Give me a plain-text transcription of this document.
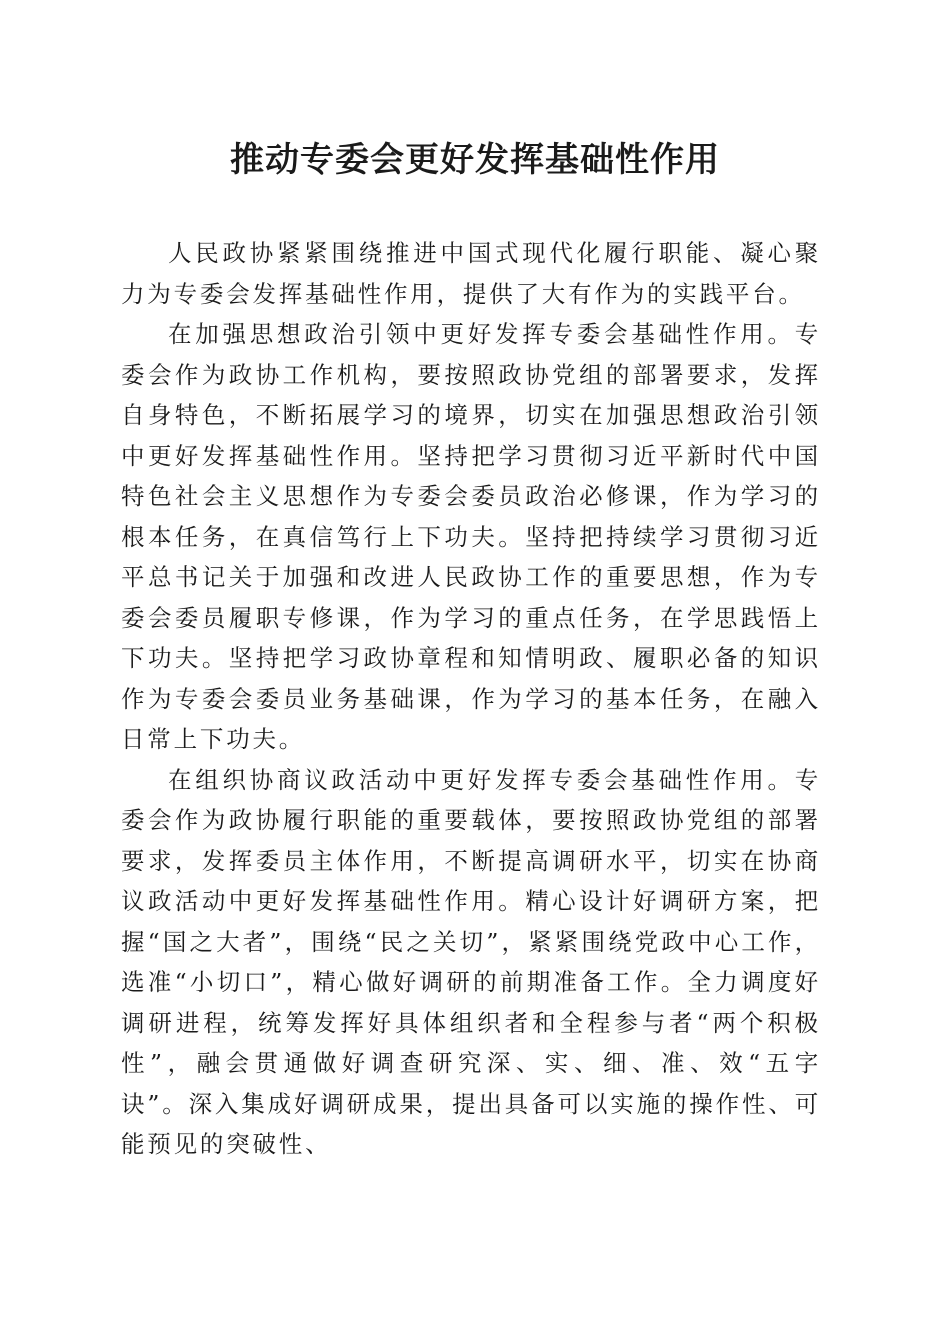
推动专委会更好发挥基础性作用

人民政协紧紧围绕推进中国式现代化履行职能、凝心聚力为专委会发挥基础性作用，提供了大有作为的实践平台。

在加强思想政治引领中更好发挥专委会基础性作用。专委会作为政协工作机构，要按照政协党组的部署要求，发挥自身特色，不断拓展学习的境界，切实在加强思想政治引领中更好发挥基础性作用。坚持把学习贯彻习近平新时代中国特色社会主义思想作为专委会委员政治必修课，作为学习的根本任务，在真信笃行上下功夫。坚持把持续学习贯彻习近平总书记关于加强和改进人民政协工作的重要思想，作为专委会委员履职专修课，作为学习的重点任务，在学思践悟上下功夫。坚持把学习政协章程和知情明政、履职必备的知识作为专委会委员业务基础课，作为学习的基本任务，在融入日常上下功夫。

在组织协商议政活动中更好发挥专委会基础性作用。专委会作为政协履行职能的重要载体，要按照政协党组的部署要求，发挥委员主体作用，不断提高调研水平，切实在协商议政活动中更好发挥基础性作用。精心设计好调研方案，把握“国之大者”，围绕“民之关切”，紧紧围绕党政中心工作，选准“小切口”，精心做好调研的前期准备工作。全力调度好调研进程，统筹发挥好具体组织者和全程参与者“两个积极性”，融会贯通做好调查研究深、实、细、准、效“五字诀”。深入集成好调研成果，提出具备可以实施的操作性、可能预见的突破性、
